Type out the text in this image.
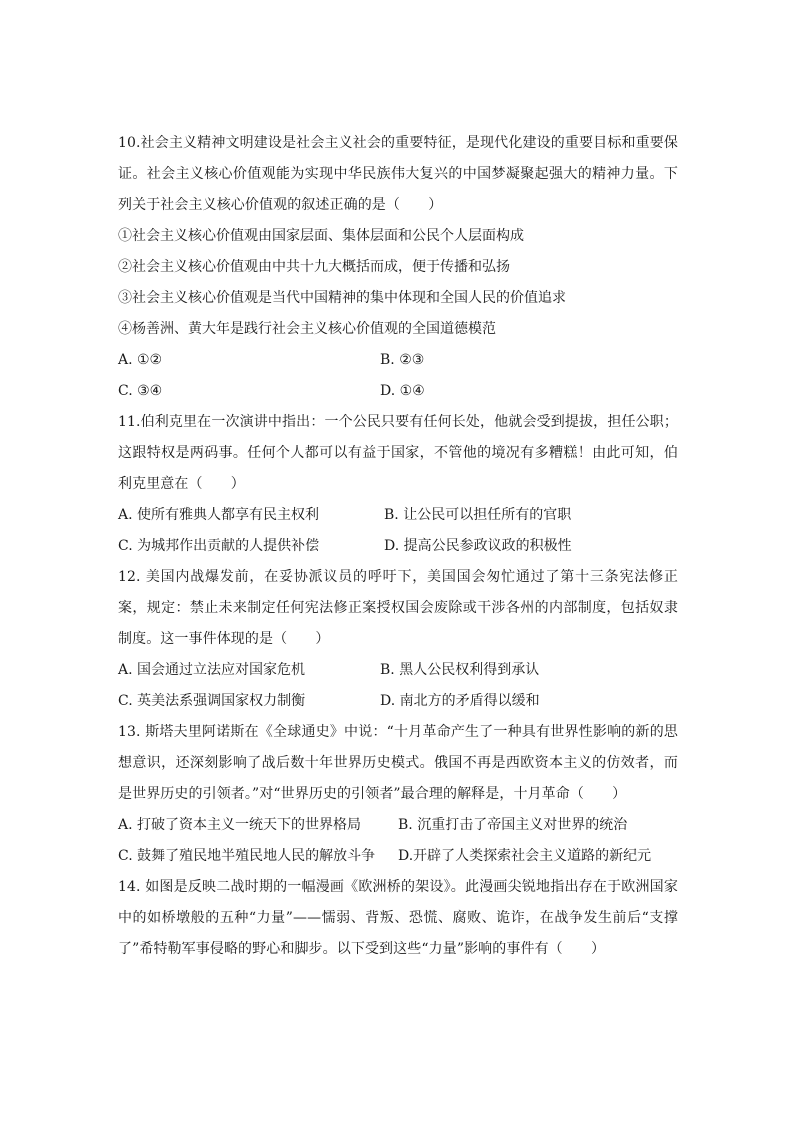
10.社会主义精神文明建设是社会主义社会的重要特征，是现代化建设的重要目标和重要保证。社会主义核心价值观能为实现中华民族伟大复兴的中国梦凝聚起强大的精神力量。下列关于社会主义核心价值观的叙述正确的是（　　）

①社会主义核心价值观由国家层面、集体层面和公民个人层面构成

②社会主义核心价值观由中共十九大概括而成，便于传播和弘扬

③社会主义核心价值观是当代中国精神的集中体现和全国人民的价值追求

④杨善洲、黄大年是践行社会主义核心价值观的全国道德模范

A. ①②	B. ②③
C. ③④	D. ①④

11.伯利克里在一次演讲中指出：一个公民只要有任何长处，他就会受到提拔，担任公职；这跟特权是两码事。任何个人都可以有益于国家，不管他的境况有多糟糕！由此可知，伯利克里意在（　　）

A. 使所有雅典人都享有民主权利	B. 让公民可以担任所有的官职
C. 为城邦作出贡献的人提供补偿	D. 提高公民参政议政的积极性

12. 美国内战爆发前，在妥协派议员的呼吁下，美国国会匆忙通过了第十三条宪法修正案，规定：禁止未来制定任何宪法修正案授权国会废除或干涉各州的内部制度，包括奴隶制度。这一事件体现的是（　　）

A. 国会通过立法应对国家危机	B. 黑人公民权利得到承认
C. 英美法系强调国家权力制衡	D. 南北方的矛盾得以缓和

13. 斯塔夫里阿诺斯在《全球通史》中说：“十月革命产生了一种具有世界性影响的新的思想意识，还深刻影响了战后数十年世界历史模式。俄国不再是西欧资本主义的仿效者，而是世界历史的引领者。”对“世界历史的引领者”最合理的解释是，十月革命（　　）

A. 打破了资本主义一统天下的世界格局	B. 沉重打击了帝国主义对世界的统治
C. 鼓舞了殖民地半殖民地人民的解放斗争	D.开辟了人类探索社会主义道路的新纪元

14. 如图是反映二战时期的一幅漫画《欧洲桥的架设》。此漫画尖锐地指出存在于欧洲国家中的如桥墩般的五种“力量”——懦弱、背叛、恐慌、腐败、诡诈，在战争发生前后“支撑了”希特勒军事侵略的野心和脚步。以下受到这些“力量”影响的事件有（　　）
